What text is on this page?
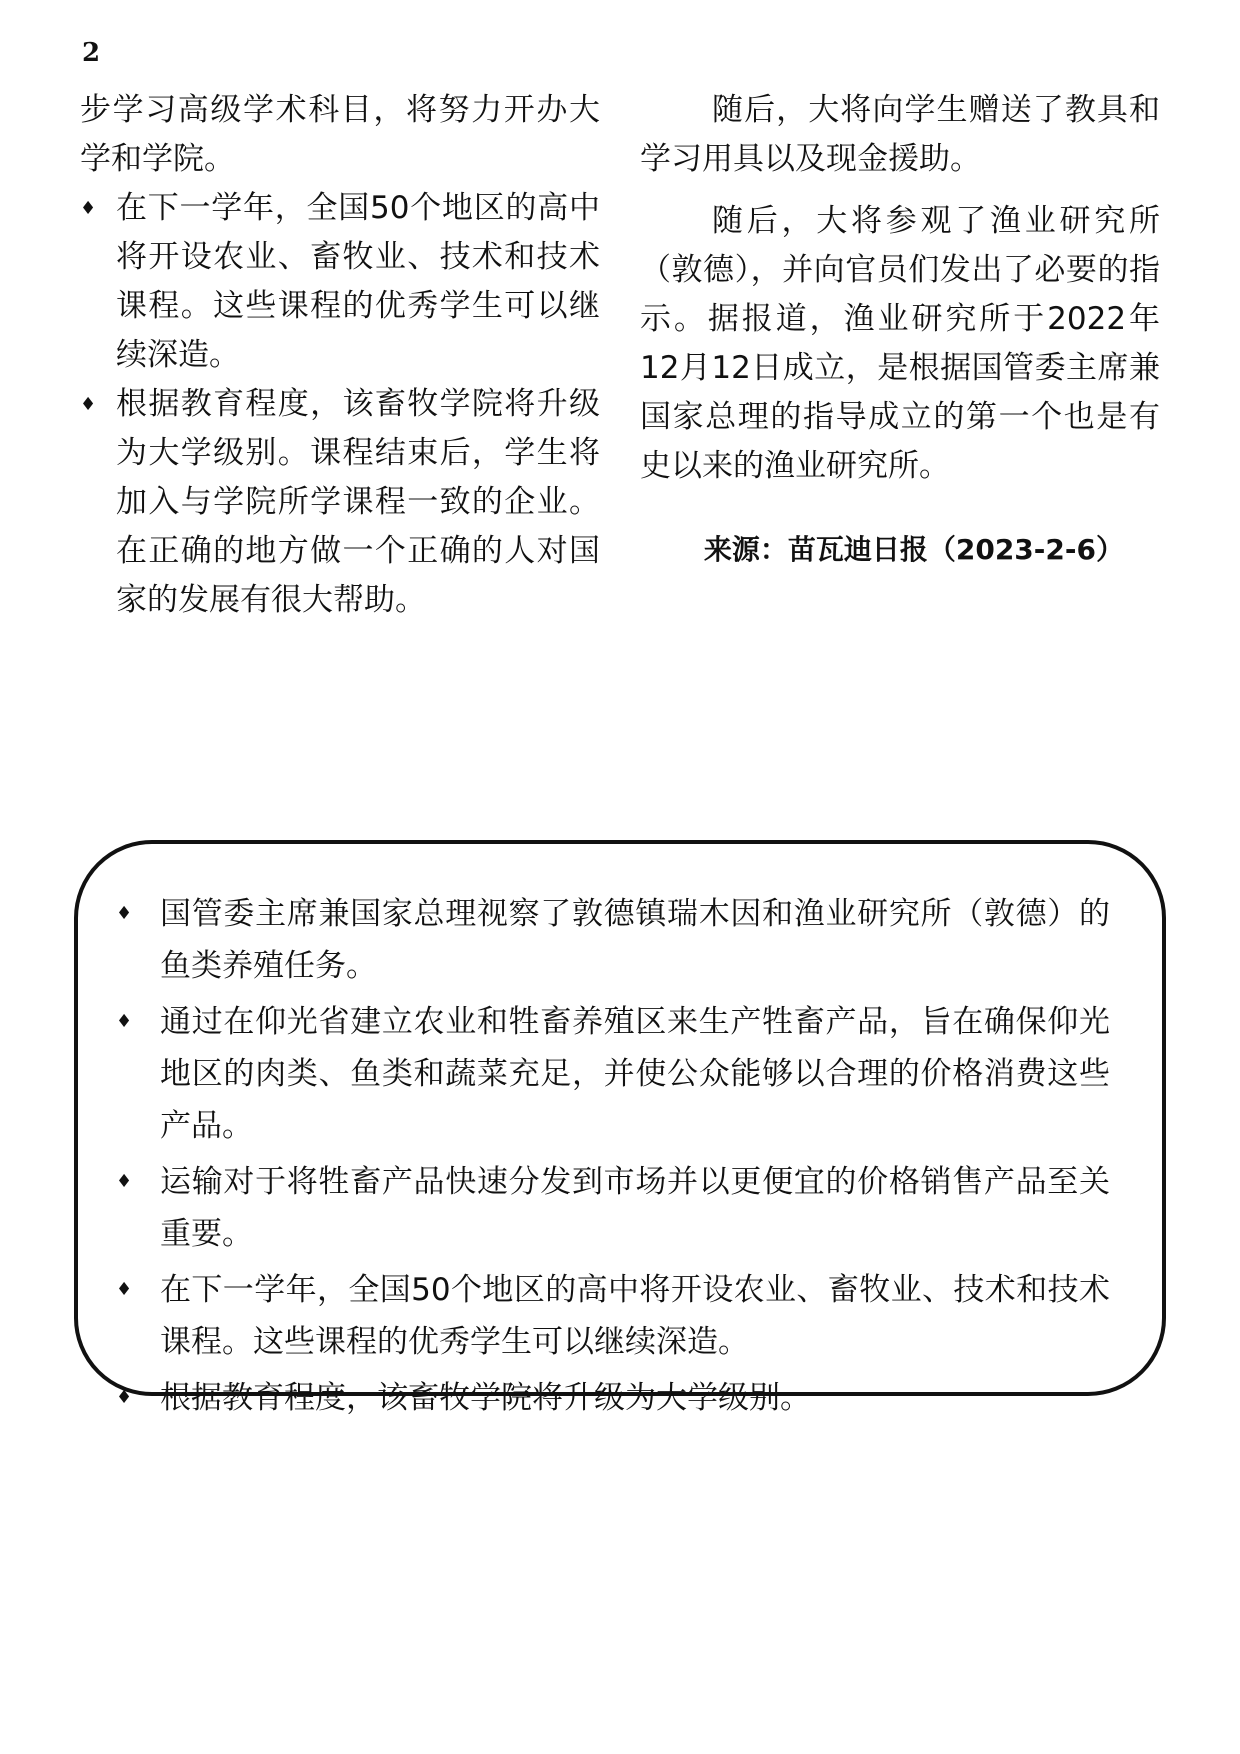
2

步学习高级学术科目，将努力开办大学和学院。

♦ 在下一学年，全国50个地区的高中将开设农业、畜牧业、技术和技术课程。这些课程的优秀学生可以继续深造。
♦ 根据教育程度，该畜牧学院将升级为大学级别。课程结束后，学生将加入与学院所学课程一致的企业。在正确的地方做一个正确的人对国家的发展有很大帮助。

随后，大将向学生赠送了教具和学习用具以及现金援助。

随后，大将参观了渔业研究所（敦德），并向官员们发出了必要的指示。据报道，渔业研究所于2022年12月12日成立，是根据国管委主席兼国家总理的指导成立的第一个也是有史以来的渔业研究所。

来源：苗瓦迪日报（2023-2-6）
♦ 国管委主席兼国家总理视察了敦德镇瑞木因和渔业研究所（敦德）的鱼类养殖任务。
♦ 通过在仰光省建立农业和牲畜养殖区来生产牲畜产品，旨在确保仰光地区的肉类、鱼类和蔬菜充足，并使公众能够以合理的价格消费这些产品。
♦ 运输对于将牲畜产品快速分发到市场并以更便宜的价格销售产品至关重要。
♦ 在下一学年，全国50个地区的高中将开设农业、畜牧业、技术和技术课程。这些课程的优秀学生可以继续深造。
♦ 根据教育程度，该畜牧学院将升级为大学级别。
